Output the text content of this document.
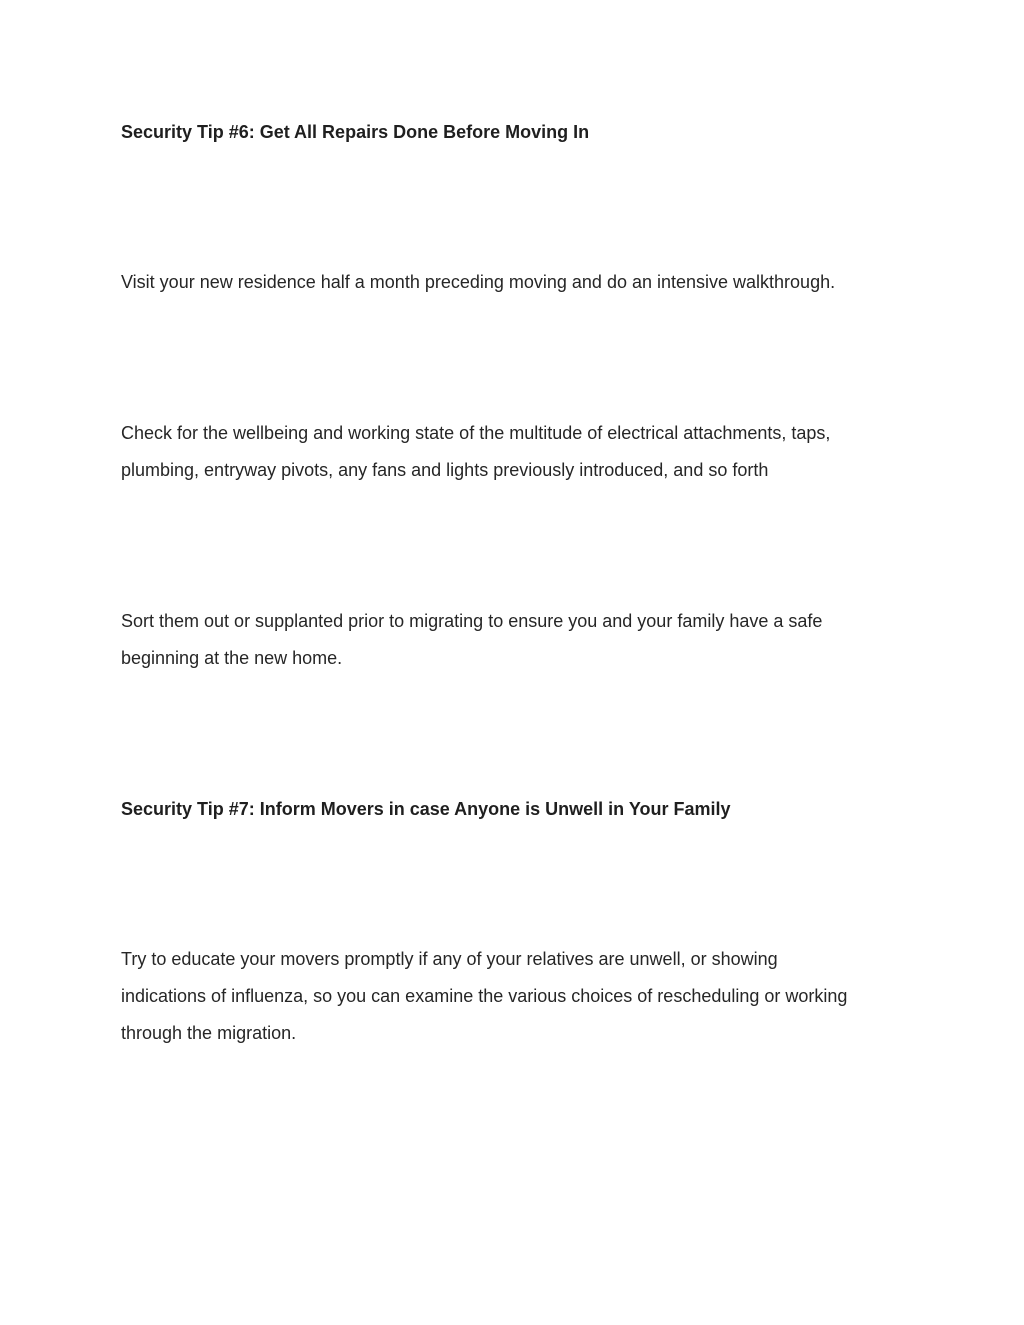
Security Tip #6: Get All Repairs Done Before Moving In

Visit your new residence half a month preceding moving and do an intensive walkthrough.

Check for the wellbeing and working state of the multitude of electrical attachments, taps,
plumbing, entryway pivots, any fans and lights previously introduced, and so forth

Sort them out or supplanted prior to migrating to ensure you and your family have a safe
beginning at the new home.

Security Tip #7: Inform Movers in case Anyone is Unwell in Your Family

Try to educate your movers promptly if any of your relatives are unwell, or showing
indications of influenza, so you can examine the various choices of rescheduling or working
through the migration.
